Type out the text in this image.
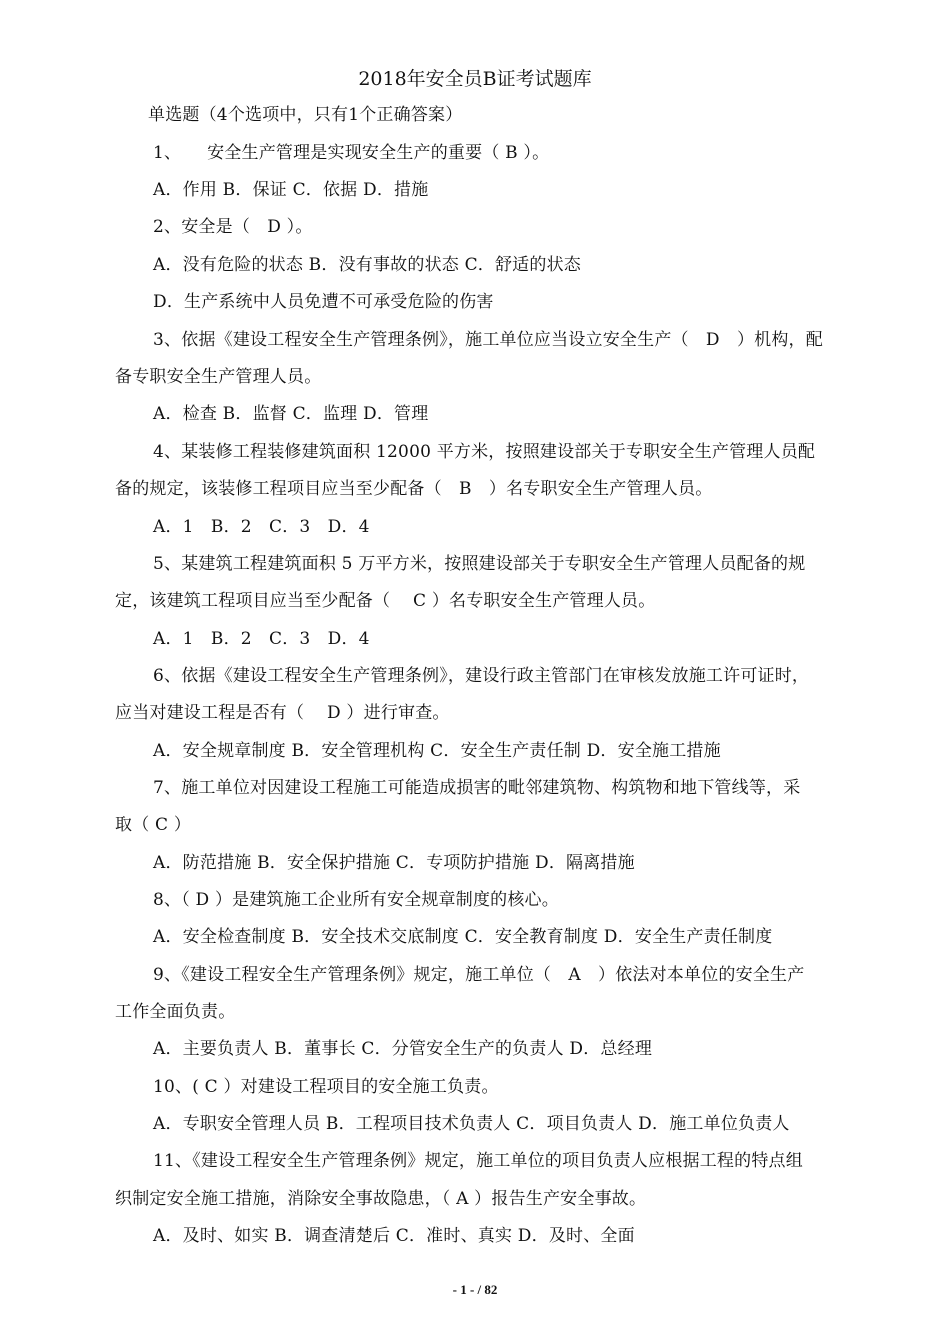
2018年安全员B证考试题库
单选题（4个选项中，只有1个正确答案）
1、　　安全生产管理是实现安全生产的重要（ B ）。
A．作用 B．保证 C．依据 D．措施
2、安全是（　D ）。
A．没有危险的状态 B．没有事故的状态 C．舒适的状态
D．生产系统中人员免遭不可承受危险的伤害
3、依据《建设工程安全生产管理条例》，施工单位应当设立安全生产（　D　）机构，配
备专职安全生产管理人员。
A．检查 B．监督 C．监理 D．管理
4、某装修工程装修建筑面积 12000 平方米，按照建设部关于专职安全生产管理人员配
备的规定，该装修工程项目应当至少配备（　B　）名专职安全生产管理人员。
A．1　B．2　C．3　D．4
5、某建筑工程建筑面积 5 万平方米，按照建设部关于专职安全生产管理人员配备的规
定，该建筑工程项目应当至少配备（　 C ）名专职安全生产管理人员。
A．1　B．2　C．3　D．4
6、依据《建设工程安全生产管理条例》，建设行政主管部门在审核发放施工许可证时，
应当对建设工程是否有（　 D ）进行审查。
A．安全规章制度 B．安全管理机构 C．安全生产责任制 D．安全施工措施
7、施工单位对因建设工程施工可能造成损害的毗邻建筑物、构筑物和地下管线等，采
取（ C ）
A．防范措施 B．安全保护措施 C．专项防护措施 D．隔离措施
8、（ D ）是建筑施工企业所有安全规章制度的核心。
A．安全检查制度 B．安全技术交底制度 C．安全教育制度 D．安全生产责任制度
9、《建设工程安全生产管理条例》规定，施工单位（　A　）依法对本单位的安全生产
工作全面负责。
A．主要负责人 B．董事长 C．分管安全生产的负责人 D．总经理
10、( C ）对建设工程项目的安全施工负责。
A．专职安全管理人员 B．工程项目技术负责人 C．项目负责人 D．施工单位负责人
11、《建设工程安全生产管理条例》规定，施工单位的项目负责人应根据工程的特点组
织制定安全施工措施，消除安全事故隐患，（ A ）报告生产安全事故。
A．及时、如实 B．调查清楚后 C．准时、真实 D．及时、全面
- 1 - / 82
